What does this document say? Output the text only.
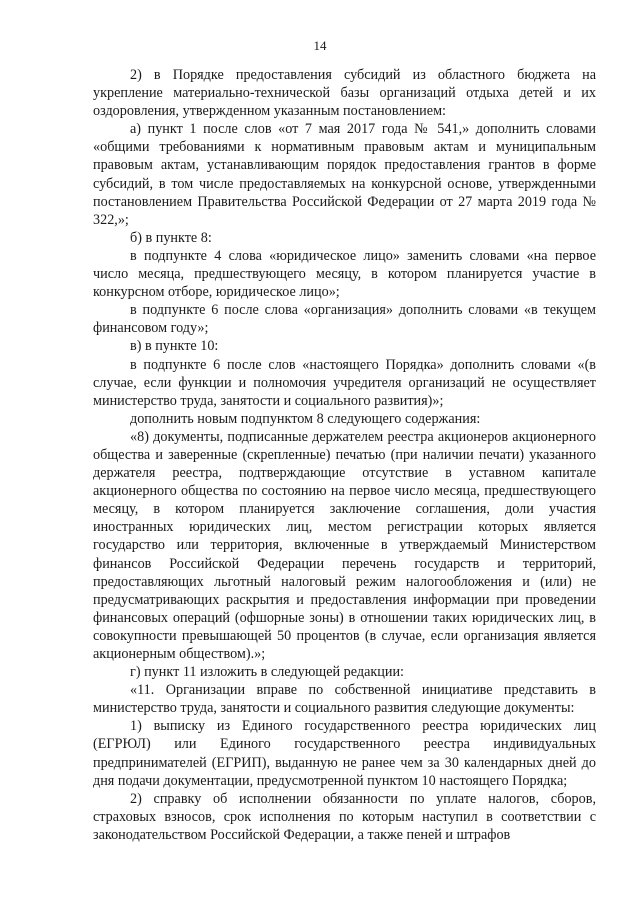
14

2) в Порядке предоставления субсидий из областного бюджета на укрепление материально-технической базы организаций отдыха детей и их оздоровления, утвержденном указанным постановлением:

а) пункт 1 после слов «от 7 мая 2017 года № 541,» дополнить словами «общими требованиями к нормативным правовым актам и муниципальным правовым актам, устанавливающим порядок предоставления грантов в форме субсидий, в том числе предоставляемых на конкурсной основе, утвержденными постановлением Правительства Российской Федерации от 27 марта 2019 года № 322,»;

б) в пункте 8:

в подпункте 4 слова «юридическое лицо» заменить словами «на первое число месяца, предшествующего месяцу, в котором планируется участие в конкурсном отборе, юридическое лицо»;

в подпункте 6 после слова «организация» дополнить словами «в текущем финансовом году»;

в) в пункте 10:

в подпункте 6 после слов «настоящего Порядка» дополнить словами «(в случае, если функции и полномочия учредителя организаций не осуществляет министерство труда, занятости и социального развития)»;

дополнить новым подпунктом 8 следующего содержания:

«8) документы, подписанные держателем реестра акционеров акционерного общества и заверенные (скрепленные) печатью (при наличии печати) указанного держателя реестра, подтверждающие отсутствие в уставном капитале акционерного общества по состоянию на первое число месяца, предшествующего месяцу, в котором планируется заключение соглашения, доли участия иностранных юридических лиц, местом регистрации которых является государство или территория, включенные в утверждаемый Министерством финансов Российской Федерации перечень государств и территорий, предоставляющих льготный налоговый режим налогообложения и (или) не предусматривающих раскрытия и предоставления информации при проведении финансовых операций (офшорные зоны) в отношении таких юридических лиц, в совокупности превышающей 50 процентов (в случае, если организация является акционерным обществом).»;

г) пункт 11 изложить в следующей редакции:

«11. Организации вправе по собственной инициативе представить в министерство труда, занятости и социального развития следующие документы:

1) выписку из Единого государственного реестра юридических лиц (ЕГРЮЛ) или Единого государственного реестра индивидуальных предпринимателей (ЕГРИП), выданную не ранее чем за 30 календарных дней до дня подачи документации, предусмотренной пунктом 10 настоящего Порядка;

2) справку об исполнении обязанности по уплате налогов, сборов, страховых взносов, срок исполнения по которым наступил в соответствии с законодательством Российской Федерации, а также пеней и штрафов
